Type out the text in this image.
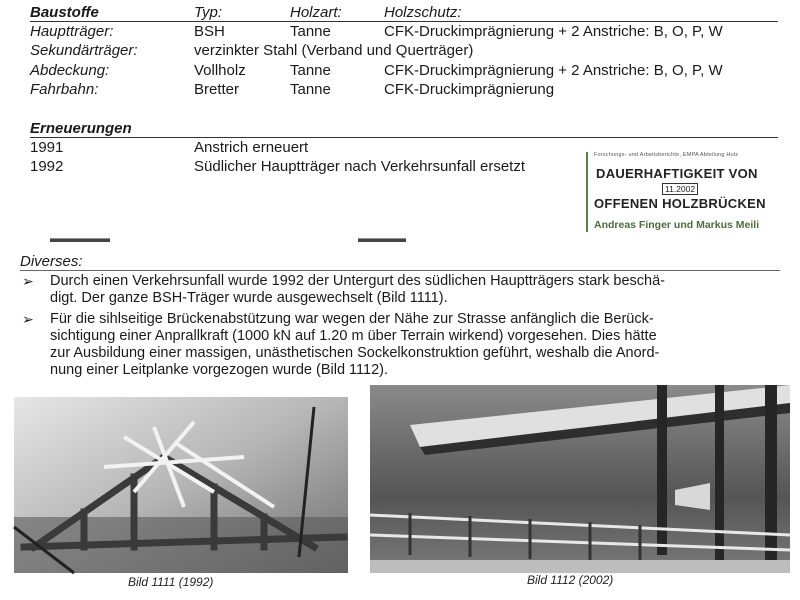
Baustoffe	Typ:	Holzart:	Holzschutz:
Hauptträger:	BSH	Tanne	CFK-Druckimprägnierung + 2 Anstriche: B, O, P, W
Sekundärträger:	verzinkter Stahl (Verband und Querträger)
Abdeckung:	Vollholz	Tanne	CFK-Druckimprägnierung + 2 Anstriche: B, O, P, W
Fahrbahn:	Bretter	Tanne	CFK-Druckimprägnierung
Erneuerungen
1991	Anstrich erneuert
1992	Südlicher Hauptträger nach Verkehrsunfall ersetzt
Forschungs- und Arbeitsberichte, EMPA Abteilung Holz
DAUERHAFTIGKEIT VON
OFFENEN HOLZBRÜCKEN
11.2002
Andreas Finger und Markus Meili
▬▬▬▬▬	▬▬▬▬
Diverses:
➢ Durch einen Verkehrsunfall wurde 1992 der Untergurt des südlichen Hauptträgers stark beschä-
digt. Der ganze BSH-Träger wurde ausgewechselt (Bild 1111).
➢ Für die sihlseitige Brückenabstützung war wegen der Nähe zur Strasse anfänglich die Berück-
sichtigung einer Anprallkraft (1000 kN auf 1.20 m über Terrain wirkend) vorgesehen. Dies hätte
zur Ausbildung einer massigen, unästhetischen Sockelkonstruktion geführt, weshalb die Anord-
nung einer Leitplanke vorgezogen wurde (Bild 1112).
Bild 1111 (1992)	Bild 1112 (2002)
